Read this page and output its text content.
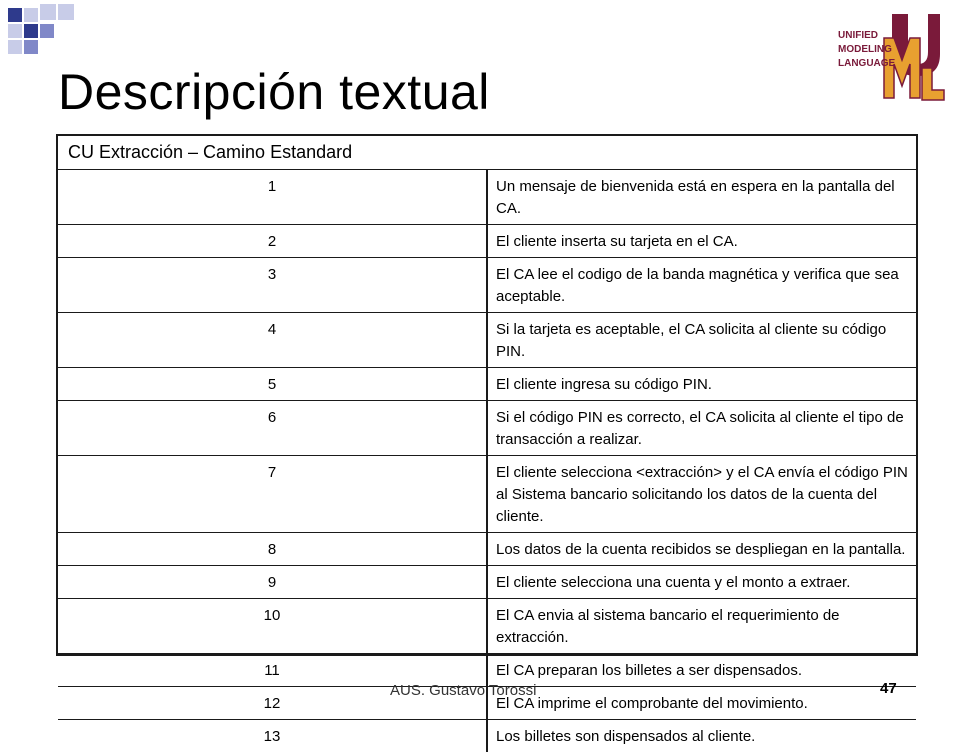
Descripción textual
UNIFIED
MODELING
LANGUAGE	TM
CU Extracción – Camino Estandard	
1	Un mensaje de bienvenida está en espera en la pantalla del CA.
2	El cliente inserta su tarjeta en el CA.
3	El CA lee el codigo de la banda magnética y verifica que sea aceptable.
4	Si la tarjeta es aceptable, el CA solicita al cliente su código PIN.
5	El cliente ingresa su código PIN.
6	Si el código PIN es correcto, el CA solicita al cliente el tipo de transacción a realizar.
7	El cliente selecciona <extracción> y el CA envía el código PIN al Sistema bancario solicitando los datos de la cuenta del cliente.
8	Los datos de la cuenta recibidos se despliegan en la pantalla.
9	El cliente selecciona una cuenta y el monto a extraer.
10	El CA envia al sistema bancario el requerimiento de extracción.
11	El CA preparan los billetes a ser dispensados.
12	El CA imprime el comprobante del movimiento.
13	Los billetes son dispensados al cliente.
AUS. Gustavo Torossi	47
